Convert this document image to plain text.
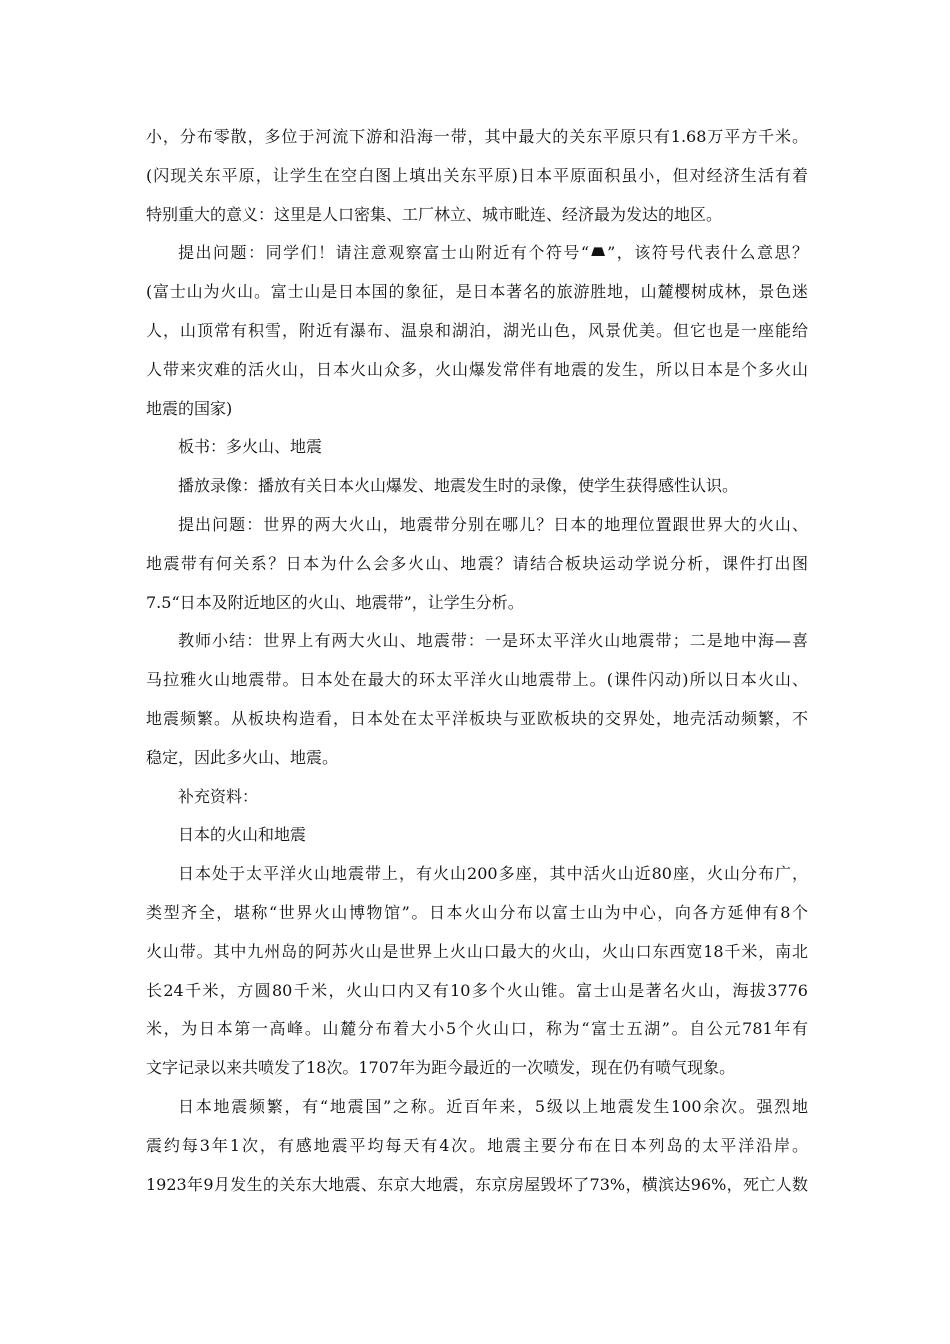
小，分布零散，多位于河流下游和沿海一带，其中最大的关东平原只有1.68万平方千米。
(闪现关东平原，让学生在空白图上填出关东平原)日本平原面积虽小，但对经济生活有着
特别重大的意义：这里是人口密集、工厂林立、城市毗连、经济最为发达的地区。
提出问题：同学们！请注意观察富士山附近有个符号“ ”，该符号代表什么意思？
(富士山为火山。富士山是日本国的象征，是日本著名的旅游胜地，山麓樱树成林，景色迷
人，山顶常有积雪，附近有瀑布、温泉和湖泊，湖光山色，风景优美。但它也是一座能给
人带来灾难的活火山，日本火山众多，火山爆发常伴有地震的发生，所以日本是个多火山
地震的国家)
板书：多火山、地震
播放录像：播放有关日本火山爆发、地震发生时的录像，使学生获得感性认识。
提出问题：世界的两大火山，地震带分别在哪儿？日本的地理位置跟世界大的火山、
地震带有何关系？日本为什么会多火山、地震？请结合板块运动学说分析，课件打出图
7.5“日本及附近地区的火山、地震带”，让学生分析。
教师小结：世界上有两大火山、地震带：一是环太平洋火山地震带；二是地中海—喜
马拉雅火山地震带。日本处在最大的环太平洋火山地震带上。(课件闪动)所以日本火山、
地震频繁。从板块构造看，日本处在太平洋板块与亚欧板块的交界处，地壳活动频繁，不
稳定，因此多火山、地震。
补充资料：
日本的火山和地震
日本处于太平洋火山地震带上，有火山200多座，其中活火山近80座，火山分布广，
类型齐全，堪称“世界火山博物馆”。日本火山分布以富士山为中心，向各方延伸有8个
火山带。其中九州岛的阿苏火山是世界上火山口最大的火山，火山口东西宽18千米，南北
长24千米，方圆80千米，火山口内又有10多个火山锥。富士山是著名火山，海拔3776
米，为日本第一高峰。山麓分布着大小5个火山口，称为“富士五湖”。自公元781年有
文字记录以来共喷发了18次。1707年为距今最近的一次喷发，现在仍有喷气现象。
日本地震频繁，有“地震国”之称。近百年来，5级以上地震发生100余次。强烈地
震约每3年1次，有感地震平均每天有4次。地震主要分布在日本列岛的太平洋沿岸。
1923年9月发生的关东大地震、东京大地震，东京房屋毁坏了73%，横滨达96%，死亡人数
